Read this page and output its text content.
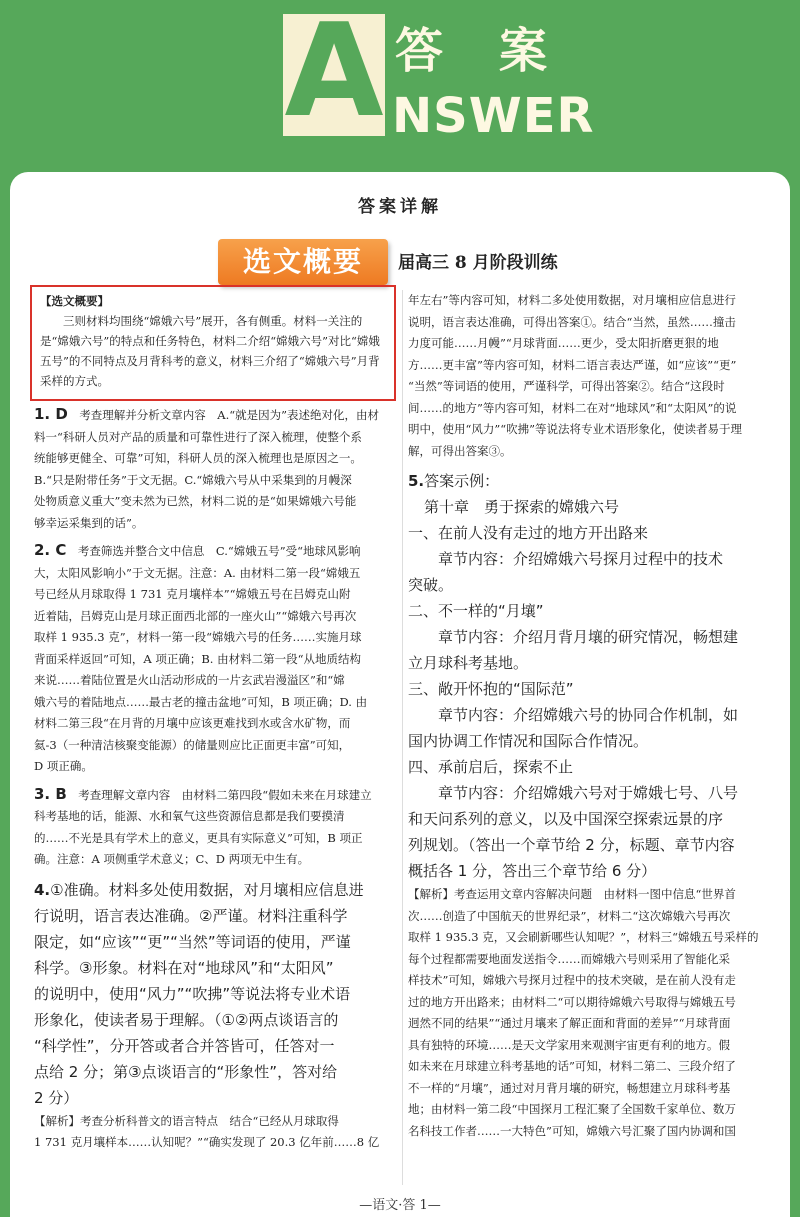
A 答案
NSWER
答案详解
届高三 8 月阶段训练
选文概要
【选文概要】

三则材料均围绕“嫦娥六号”展开，各有侧重。材料一关注的是“嫦娥六号”的特点和任务特色，材料二介绍“嫦娥六号”对比“嫦娥五号”的不同特点及月背科考的意义，材料三介绍了“嫦娥六号”月背采样的方式。

1. D　 考查理解并分析文章内容　A.“就是因为”表述绝对化，由材

料一“科研人员对产品的质量和可靠性进行了深入梳理，使整个系

统能够更健全、可靠”可知，科研人员的深入梳理也是原因之一。

B.“只是附带任务”于文无据。C.“嫦娥六号从中采集到的月幔深

处物质意义重大”变未然为已然，材料二说的是“如果嫦娥六号能

够幸运采集到的话”。

2. C　 考查筛选并整合文中信息　C.“嫦娥五号”受“地球风影响

大，太阳风影响小”于文无据。注意：A. 由材料二第一段“嫦娥五

号已经从月球取得 1 731 克月壤样本”“嫦娥五号在吕姆克山附

近着陆，吕姆克山是月球正面西北部的一座火山”“嫦娥六号再次

取样 1 935.3 克”，材料一第一段“嫦娥六号的任务……实施月球

背面采样返回”可知，A 项正确；B. 由材料二第一段“从地质结构

来说……着陆位置是火山活动形成的一片玄武岩漫溢区”和“嫦

娥六号的着陆地点……最古老的撞击盆地”可知，B 项正确；D. 由

材料二第三段“在月背的月壤中应该更难找到水或含水矿物，而

氦-3（一种清洁核聚变能源）的储量则应比正面更丰富”可知，

D 项正确。

3. B　 考查理解文章内容　由材料二第四段“假如未来在月球建立

科考基地的话，能源、水和氧气这些资源信息都是我们要摸清

的……不光是具有学术上的意义，更具有实际意义”可知，B 项正

确。注意：A 项侧重学术意义；C、D 两项无中生有。

4.①准确。材料多处使用数据，对月壤相应信息进

行说明，语言表达准确。②严谨。材料注重科学

限定，如“应该”“更”“当然”等词语的使用，严谨

科学。③形象。材料在对“地球风”和“太阳风”

的说明中，使用“风力”“吹拂”等说法将专业术语

形象化，使读者易于理解。（①②两点谈语言的

“科学性”，分开答或者合并答皆可，任答对一

点给 2 分；第③点谈语言的“形象性”，答对给

2 分）

【解析】考查分析科普文的语言特点　结合“已经从月球取得

1 731 克月壤样本……认知呢？”“确实发现了 20.3 亿年前……8 亿

年左右”等内容可知，材料二多处使用数据，对月壤相应信息进行

说明，语言表达准确，可得出答案①。结合“当然，虽然……撞击

力度可能……月幔”“月球背面……更少，受太阳折磨更狠的地

方……更丰富”等内容可知，材料二语言表达严谨，如“应该”“更”

“当然”等词语的使用，严谨科学，可得出答案②。结合“这段时

间……的地方”等内容可知，材料二在对“地球风”和“太阳风”的说

明中，使用“风力”“吹拂”等说法将专业术语形象化，使读者易于理

解，可得出答案③。

5.答案示例：

第十章　勇于探索的嫦娥六号

一、在前人没有走过的地方开出路来

章节内容：介绍嫦娥六号探月过程中的技术

突破。

二、不一样的“月壤”

章节内容：介绍月背月壤的研究情况，畅想建

立月球科考基地。

三、敞开怀抱的“国际范”

章节内容：介绍嫦娥六号的协同合作机制，如

国内协调工作情况和国际合作情况。

四、承前启后，探索不止

章节内容：介绍嫦娥六号对于嫦娥七号、八号

和天问系列的意义，以及中国深空探索远景的序

列规划。（答出一个章节给 2 分，标题、章节内容

概括各 1 分，答出三个章节给 6 分）

【解析】考查运用文章内容解决问题　由材料一图中信息“世界首

次……创造了中国航天的世界纪录”，材料二“这次嫦娥六号再次

取样 1 935.3 克，又会刷新哪些认知呢？”，材料三“嫦娥五号采样的

每个过程都需要地面发送指令……而嫦娥六号则采用了智能化采

样技术”可知，嫦娥六号探月过程中的技术突破，是在前人没有走

过的地方开出路来；由材料二“可以期待嫦娥六号取得与嫦娥五号

迥然不同的结果”“通过月壤来了解正面和背面的差异”“月球背面

具有独特的环境……是天文学家用来观测宇宙更有利的地方。假

如未来在月球建立科考基地的话”可知，材料二第二、三段介绍了

不一样的“月壤”，通过对月背月壤的研究，畅想建立月球科考基

地；由材料一第二段“中国探月工程汇聚了全国数千家单位、数万

名科技工作者……一大特色”可知，嫦娥六号汇聚了国内协调和国

—语文·答 1—
